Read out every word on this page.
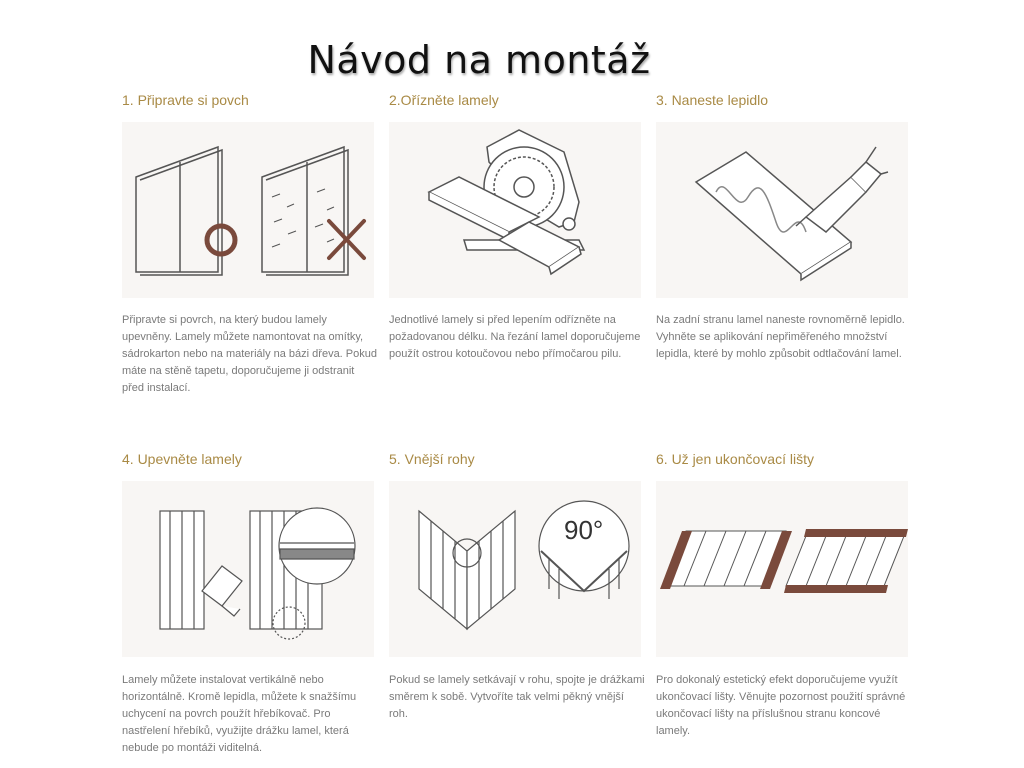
Návod na montáž
1. Připravte si povch	2.Ořízněte lamely	3. Naneste lepidlo
4. Upevněte lamely	5. Vnější rohy	6. Už jen ukončovací lišty
90°
Připravte si povrch, na který budou lamely upevněny. Lamely můžete namontovat na omítky, sádrokarton nebo na materiály na bázi dřeva. Pokud máte na stěně tapetu, doporučujeme ji odstranit před instalací.
Jednotlivé lamely si před lepením odřízněte na požadovanou délku. Na řezání lamel doporučujeme použít ostrou kotoučovou nebo přímočarou pilu.
Na zadní stranu lamel naneste rovnoměrně lepidlo. Vyhněte se aplikování nepřiměřeného množství lepidla, které by mohlo způsobit odtlačování lamel.
Lamely můžete instalovat vertikálně nebo horizontálně. Kromě lepidla, můžete k snažšímu uchycení na povrch použít hřebíkovač. Pro nastřelení hřebíků, využijte drážku lamel, která nebude po montáži viditelná.
Pokud se lamely setkávají v rohu, spojte je drážkami směrem k sobě. Vytvoříte tak velmi pěkný vnější roh.
Pro dokonalý estetický efekt doporučujeme využít ukončovací lišty. Věnujte pozornost použití správné ukončovací lišty na příslušnou stranu koncové lamely.
